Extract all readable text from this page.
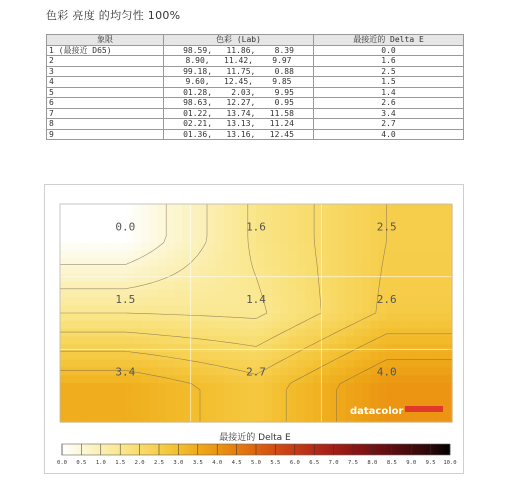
色彩 亮度 的均匀性 100%
象限	色彩 (Lab)	最接近的 Delta E
1 (最接近 D65)	98.59,   11.86,    8.39	0.0
2	8.90,   11.42,    9.97	1.6
3	99.18,   11.75,    0.88	2.5
4	9.60,   12.45,    9.85	1.5
5	01.28,    2.03,    9.95	1.4
6	98.63,   12.27,    0.95	2.6
7	01.22,   13.74,   11.58	3.4
8	02.21,   13.13,   11.24	2.7
9	01.36,   13.16,   12.45	4.0
0.0	1.6	2.5
1.5	1.4	2.6
3.4	2.7	4.0
datacolor
最接近的 Delta E
0.0 0.5 1.0 1.5 2.0 2.5 3.0 3.5 4.0 4.5 5.0 5.5 6.0 6.5 7.0 7.5 8.0 8.5 9.0 9.5 10.0
